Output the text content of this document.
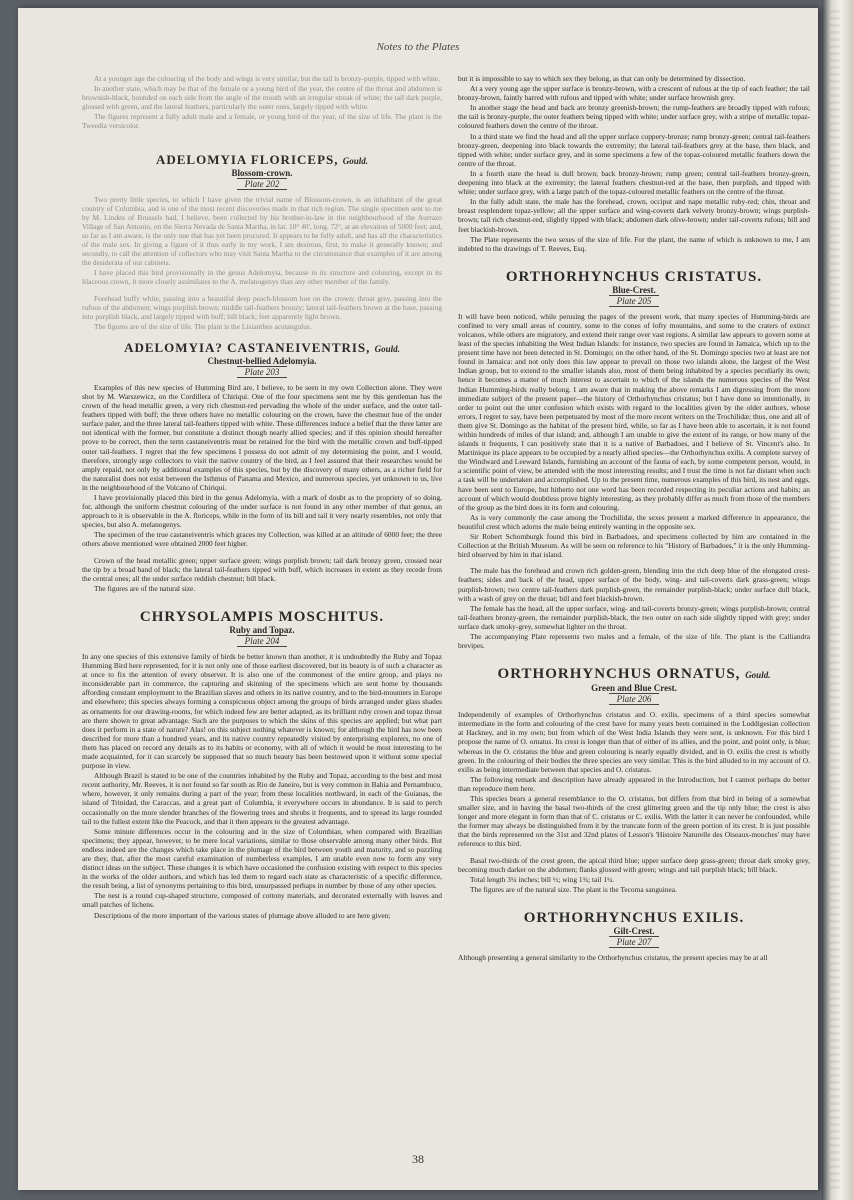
Notes to the Plates

At a younger age the colouring of the body and wings is very similar, but the tail is bronzy-purple, tipped with white.

In another state, which may be that of the female or a young bird of the year, the centre of the throat and abdomen is brownish-black, bounded on each side from the angle of the mouth with an irregular streak of white; the tail dark purple, glossed with green, and the lateral feathers, particularly the outer ones, largely tipped with white.

The figures represent a fully adult male and a female, or young bird of the year, of the size of life. The plant is the Tweedia versicolor.

ADELOMYIA FLORICEPS, Gould.
Blossom-crown.
Plate 202

Two pretty little species, to which I have given the trivial name of Blossom-crown, is an inhabitant of the great country of Columbia, and is one of the most recent discoveries made in that rich region. The single specimen sent to me by M. Linden of Brussels had, I believe, been collected by his brother-in-law in the neighbourhood of the Aurrazo Village of San Antonio, on the Sierra Nevada de Santa Martha, in lat. 10° 40', long. 72°, at an elevation of 5000 feet; and, so far as I am aware, is the only one that has yet been procured. It appears to be fully adult, and has all the characteristics of the male sex. In giving a figure of it thus early in my work, I am desirous, first, to make it generally known; and secondly, to call the attention of collectors who may visit Santa Martha to the circumstance that examples of it are among the desiderata of our cabinets.

I have placed this bird provisionally in the genus Adelomyia, because in its structure and colouring, except in its lilaceous crown, it more closely assimilates to the A. melanogenys than any other member of the family.

Forehead buffy white, passing into a beautiful deep peach-blossom hue on the crown; throat grey, passing into the rufous of the abdomen; wings purplish brown; middle tail-feathers bronzy; lateral tail-feathers brown at the base, passing into purplish black, and largely tipped with buff; bill black; feet apparently light brown.

The figures are of the size of life. The plant is the Lisianthus acutangulus.

ADELOMYIA? CASTANEIVENTRIS, Gould.
Chestnut-bellied Adelomyia.
Plate 203

Examples of this new species of Humming Bird are, I believe, to be seen in my own Collection alone. They were shot by M. Warszewicz, on the Cordillera of Chiriqui. One of the four specimens sent me by this gentleman has the crown of the head metallic green, a very rich chestnut-red pervading the whole of the under surface, and the outer tail-feathers tipped with buff; the three others have no metallic colouring on the crown, have the chestnut hue of the under surface paler, and the three lateral tail-feathers tipped with white. These differences induce a belief that the three latter are not identical with the former, but constitute a distinct though nearly allied species; and if this opinion should hereafter prove to be correct, then the term castaneiventris must be retained for the bird with the metallic crown and buff-tipped outer tail-feathers. I regret that the few specimens I possess do not admit of my determining the point, and I would, therefore, strongly urge collectors to visit the native country of the bird, as I feel assured that their researches would be amply repaid, not only by additional examples of this species, but by the discovery of many others, as a richer field for the naturalist does not exist between the Isthmus of Panama and Mexico, and numerous species, yet unknown to us, live in the neighbourhood of the Volcano of Chiriqui.

I have provisionally placed this bird in the genus Adelomyia, with a mark of doubt as to the propriety of so doing, for, although the uniform chestnut colouring of the under surface is not found in any other member of that genus, an approach to it is observable in the A. floriceps, while in the form of its bill and tail it very nearly resembles, not only that species, but also A. melanogenys.

The specimen of the true castaneiventris which graces my Collection, was killed at an altitude of 6000 feet; the three others above mentioned were obtained 2000 feet higher.

Crown of the head metallic green; upper surface green; wings purplish brown; tail dark bronzy green, crossed near the tip by a broad band of black; the lateral tail-feathers tipped with buff, which increases in extent as they recede from the central ones; all the under surface reddish chestnut; bill black.

The figures are of the natural size.

CHRYSOLAMPIS MOSCHITUS.
Ruby and Topaz.
Plate 204

In any one species of this extensive family of birds be better known than another, it is undoubtedly the Ruby and Topaz Humming Bird here represented, for it is not only one of those earliest discovered, but its beauty is of such a character as at once to fix the attention of every observer. It is also one of the commonest of the entire group, and plays no inconsiderable part in commerce, the capturing and skinning of the specimens which are sent home by thousands affording constant employment to the Brazilian slaves and others in its native country, and to the bird-mounters in Europe and elsewhere; this species always forming a conspicuous object among the groups of birds arranged under glass shades as ornaments for our drawing-rooms, for which indeed few are better adapted, as its brilliant ruby crown and topaz throat are there shown to great advantage. Such are the purposes to which the skins of this species are applied; but what part does it perform in a state of nature? Alas! on this subject nothing whatever is known; for although the bird has now been described for more than a hundred years, and its native country repeatedly visited by enterprising explorers, no one of them has placed on record any details as to its habits or economy, with all of which it would be most interesting to be made acquainted, for it can scarcely be supposed that so much beauty has been bestowed upon it without some special purpose in view.

Although Brazil is stated to be one of the countries inhabited by the Ruby and Topaz, according to the best and most recent authority, Mr. Reeves, it is not found so far south as Rio de Janeiro, but is very common in Bahia and Pernambuco, where, however, it only remains during a part of the year; from these localities northward, in each of the Guianas, the island of Trinidad, the Caraccas, and a great part of Columbia, it everywhere occurs in abundance. It is said to perch occasionally on the more slender branches of the flowering trees and shrubs it frequents, and to spread its large rounded tail to the fullest extent like the Peacock, and that it then appears to the greatest advantage.

Some minute differences occur in the colouring and in the size of Columbian, when compared with Brazilian specimens; they appear, however, to be mere local variations, similar to those observable among many other birds. But endless indeed are the changes which take place in the plumage of the bird between youth and maturity, and so puzzling are they, that, after the most careful examination of numberless examples, I am unable even now to form any very distinct ideas on the subject. These changes it is which have occasioned the confusion existing with respect to this species in the works of the older authors, and which has led them to regard each state as characteristic of a specific difference, the result being, a list of synonyms pertaining to this bird, unsurpassed perhaps in number by those of any other species.

The nest is a round cup-shaped structure, composed of cottony materials, and decorated externally with leaves and small patches of lichens.

Descriptions of the more important of the various states of plumage above alluded to are here given;

but it is impossible to say to which sex they belong, as that can only be determined by dissection.

At a very young age the upper surface is bronzy-brown, with a crescent of rufous at the tip of each feather; the tail bronzy-brown, faintly barred with rufous and tipped with white; under surface brownish grey.

In another stage the head and back are bronzy greenish-brown; the rump-feathers are broadly tipped with rufous; the tail is bronzy-purple, the outer feathers being tipped with white; under surface grey, with a stripe of metallic topaz-coloured feathers down the centre of the throat.

In a third state we find the head and all the upper surface coppery-bronze; rump bronzy-green; central tail-feathers bronzy-green, deepening into black towards the extremity; the lateral tail-feathers grey at the base, then black, and tipped with white; under surface grey, and in some specimens a few of the topaz-coloured metallic feathers down the centre of the throat.

In a fourth state the head is dull brown; back bronzy-brown; rump green; central tail-feathers bronzy-green, deepening into black at the extremity; the lateral feathers chestnut-red at the base, then purplish, and tipped with white; under surface grey, with a large patch of the topaz-coloured metallic feathers on the centre of the throat.

In the fully adult state, the male has the forehead, crown, occiput and nape metallic ruby-red; chin, throat and breast resplendent topaz-yellow; all the upper surface and wing-coverts dark velvety bronzy-brown; wings purplish-brown; tail rich chestnut-red, slightly tipped with black; abdomen dark olive-brown; under tail-coverts rufous; bill and feet blackish-brown.

The Plate represents the two sexes of the size of life. For the plant, the name of which is unknown to me, I am indebted to the drawings of T. Reeves, Esq.

ORTHORHYNCHUS CRISTATUS.
Blue-Crest.
Plate 205

It will have been noticed, while perusing the pages of the present work, that many species of Humming-birds are confined to very small areas of country, some to the cones of lofty mountains, and some to the craters of extinct volcanos, while others are migratory, and extend their range over vast regions. A similar law appears to govern some at least of the species inhabiting the West Indian Islands: for instance, two species are found in Jamaica, which up to the present time have not been detected in St. Domingo; on the other hand, of the St. Domingo species two at least are not found in Jamaica: and not only does this law appear to prevail on those two islands alone, the largest of the West Indian group, but to extend to the smaller islands also, most of them being inhabited by a species peculiarly its own; hence it becomes a matter of much interest to ascertain to which of the islands the numerous species of the West Indian Humming-birds really belong. I am aware that in making the above remarks I am digressing from the more immediate subject of the present paper—the history of Orthorhynchus cristatus; but I have done so intentionally, in order to point out the utter confusion which exists with regard to the localities given by the older authors, whose errors, I regret to say, have been perpetuated by most of the more recent writers on the Trochilidæ; thus, one and all of them give St. Domingo as the habitat of the present bird, while, so far as I have been able to ascertain, it is not found within hundreds of miles of that island; and, although I am unable to give the extent of its range, or how many of the islands it frequents, I can positively state that it is a native of Barbadoes, and I believe of St. Vincent's also. In Martinique its place appears to be occupied by a nearly allied species—the Orthorhynchus exilis. A complete survey of the Windward and Leeward Islands, furnishing an account of the fauna of each, by some competent person, would, in a scientific point of view, be attended with the most interesting results; and I trust the time is not far distant when such a task will be undertaken and accomplished. Up to the present time, numerous examples of this bird, its nest and eggs, have been sent to Europe, but hitherto not one word has been recorded respecting its peculiar actions and habits; an account of which would doubtless prove highly interesting, as they probably differ as much from those of the members of the group as the bird does in its form and colouring.

As is very commonly the case among the Trochilidæ, the sexes present a marked difference in appearance, the beautiful crest which adorns the male being entirely wanting in the opposite sex.

Sir Robert Schomburgk found this bird in Barbadoes, and specimens collected by him are contained in the Collection at the British Museum. As will be seen on reference to his "History of Barbadoes," it is the only Humming-bird observed by him in that island.

The male has the forehead and crown rich golden-green, blending into the rich deep blue of the elongated crest-feathers; sides and back of the head, upper surface of the body, wing- and tail-coverts dark grass-green; wings purplish-brown; two centre tail-feathers dark purplish-green, the remainder purplish-black; under surface dull black, with a wash of grey on the throat; bill and feet blackish-brown.

The female has the head, all the upper surface, wing- and tail-coverts bronzy-green; wings purplish-brown; central tail-feathers bronzy-green, the remainder purplish-black, the two outer on each side slightly tipped with grey; under surface dark smoky-grey, somewhat lighter on the throat.

The accompanying Plate represents two males and a female, of the size of life. The plant is the Calliandra brevipes.

ORTHORHYNCHUS ORNATUS, Gould.
Green and Blue Crest.
Plate 206

Independently of examples of Orthorhynchus cristatus and O. exilis, specimens of a third species somewhat intermediate in the form and colouring of the crest have for many years been contained in the Loddigesian collection at Hackney, and in my own; but from which of the West India Islands they were sent, is unknown. For this bird I propose the name of O. ornatus. Its crest is longer than that of either of its allies, and the point, and point only, is blue; whereas in the O. cristatus the blue and green colouring is nearly equally divided, and in O. exilis the crest is wholly green. In the colouring of their bodies the three species are very similar. This is the bird alluded to in my account of O. exilis as being intermediate between that species and O. cristatus.

The following remark and description have already appeared in the Introduction, but I cannot perhaps do better than reproduce them here.

This species bears a general resemblance to the O. cristatus, but differs from that bird in being of a somewhat smaller size, and in having the basal two-thirds of the crest glittering green and the tip only blue; the crest is also longer and more elegant in form than that of C. cristatus or C. exilis. With the latter it can never be confounded, while the former may always be distinguished from it by the truncate form of the green portion of its crest. It is just possible that the birds represented on the 31st and 32nd plates of Lesson's 'Histoire Naturelle des Oiseaux-mouches' may have reference to this bird.

Basal two-thirds of the crest green, the apical third blue; upper surface deep grass-green; throat dark smoky grey, becoming much darker on the abdomen; flanks glossed with green; wings and tail purplish black; bill black.

Total length 3¼ inches; bill ½; wing 1¾; tail 1¼.

The figures are of the natural size. The plant is the Tecoma sanguinea.

ORTHORHYNCHUS EXILIS.
Gilt-Crest.
Plate 207

Although presenting a general similarity to the Orthorhynchus cristatus, the present species may be at all

38
